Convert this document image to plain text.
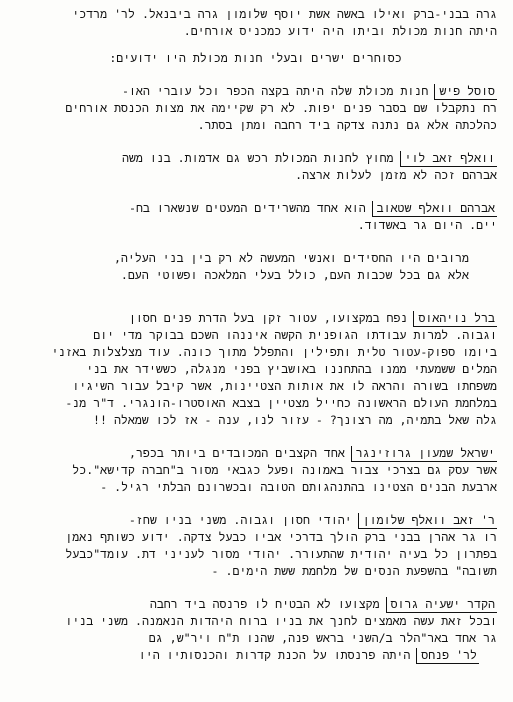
גרה בבני-ברק ואילו באשה אשת יוסף שלומון גרה ביבנאל. לר' מרדכי
היתה חנות מכולת וביתו היה ידוע כמכניס אורחים.
כסוחרים ישרים ובעלי חנות מכולת היו ידועים:
סוסל פישחנות מכולת שלה היתה בקצה הכפר וכל עוברי האו-
רח נתקבלו שם בסבר פנים יפות. לא רק שקיימה את מצות הכנסת אורחים
כהלכתה אלא גם נתנה צדקה ביד רחבה ומתן בסתר.
וואלף זאב לוימחוץ לחנות המכולת רכש גם אדמות. בנו משה
אברהם זכה לא מזמן לעלות ארצה.
אברהם וואלף שטאובהוא אחד מהשרידים המעטים שנשארו בח-
יים. היום גר באשדוד.
מרובים היו החסידים ואנשי המעשה לא רק בין בני העליה,
אלא גם בכל שכבות העם, כולל בעלי המלאכה ופשוטי העם.
ברל נויהאוסנפח במקצועו, עטור זקן בעל הדרת פנים חסון
וגבוה. למרות עבודתו הגופנית הקשה איננהו השכם בבוקר מדי יום
ביומו ספוק-עטור טלית ותפילין והתפלל מתוך כונה. עוד מצלצלות באזני
המלים ששמעתי ממנו בהתחננו באושביץ בפני מנגלה, כששידר את בני
משפחתו בשורה והראה לו את אותות הצטיינות, אשר קיבל עבור השיגיו
במלחמת העולם הראשונה כחייל מצטיין בצבא האוסטרו-הונגרי. ד"ר מנ-
גלה שאל בתמיה, מה רצונך? - עזור לנו, ענה - אז לכו שמאלה !!
ישראל שמעון גרוזינגראחד הקצבים המכובדים ביותר בכפר,
אשר עסק גם בצרכי צבור באמונה ופעל כגבאי מסור ב"חברה קדישא".כל
ארבעת הבנים הצטינו בהתנהגותם הטובה ובכשרונם הבלתי רגיל. -
ר' זאב וואלף שלומוןיהודי חסון וגבוה. משני בניו שחז-
רו גר אהרן בבני ברק הולך בדרכי אביו כבעל צדקה. ידוע כשותף נאמן
בפתרון כל בעיה יהודית שהתעורר. יהודי מסור לעניני דת. עומד"כבעל
תשובה" בהשפעת הנסים של מלחמת ששת הימים. -
הקדר ישעיה גרוסמקצועו לא הבטיח לו פרנסה ביד רחבה
ובכל זאת עשה מאמצים לחנך את בניו ברוח היהדות הנאמנה. משני בניו
גר אחד באר"הלר ב/השני בראש פנה, שהנו ת"ח ויר"ש, גם
לר' פנחסהיתה פרנסתו על הכנת קדרות והכנסותיו היו
